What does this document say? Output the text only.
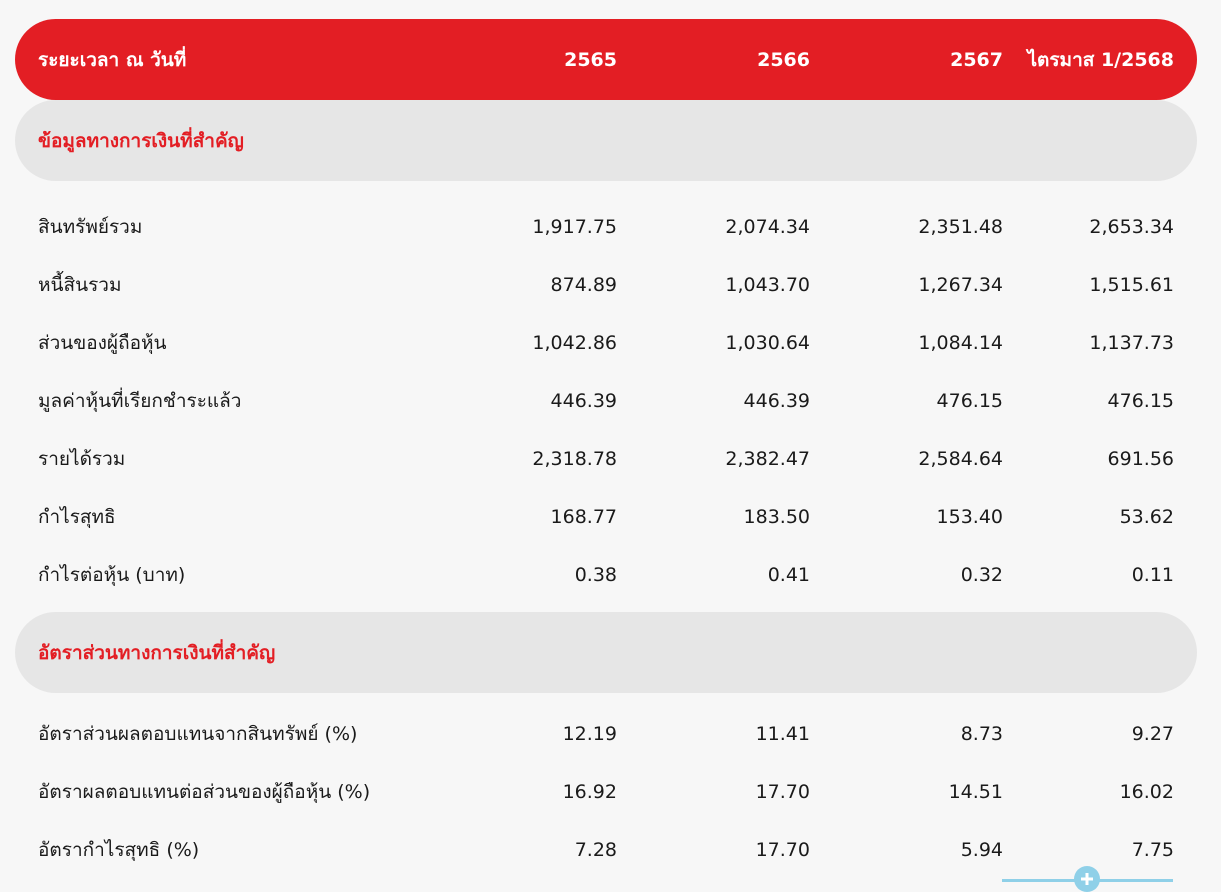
ระยะเวลา ณ วันที่	2565	2566	2567 ไตรมาส 1/2568
ข้อมูลทางการเงินที่สำคัญ
สินทรัพย์รวม	1,917.75	2,074.34	2,351.48	2,653.34
หนี้สินรวม	874.89	1,043.70	1,267.34	1,515.61
ส่วนของผู้ถือหุ้น	1,042.86	1,030.64	1,084.14	1,137.73
มูลค่าหุ้นที่เรียกชำระแล้ว	446.39	446.39	476.15	476.15
รายได้รวม	2,318.78	2,382.47	2,584.64	691.56
กำไรสุทธิ	168.77	183.50	153.40	53.62
กำไรต่อหุ้น (บาท)	0.38	0.41	0.32	0.11
อัตราส่วนทางการเงินที่สำคัญ
อัตราส่วนผลตอบแทนจากสินทรัพย์ (%)	12.19	11.41	8.73	9.27
อัตราผลตอบแทนต่อส่วนของผู้ถือหุ้น (%)	16.92	17.70	14.51	16.02
อัตรากำไรสุทธิ (%)	7.28	17.70	5.94	7.75
